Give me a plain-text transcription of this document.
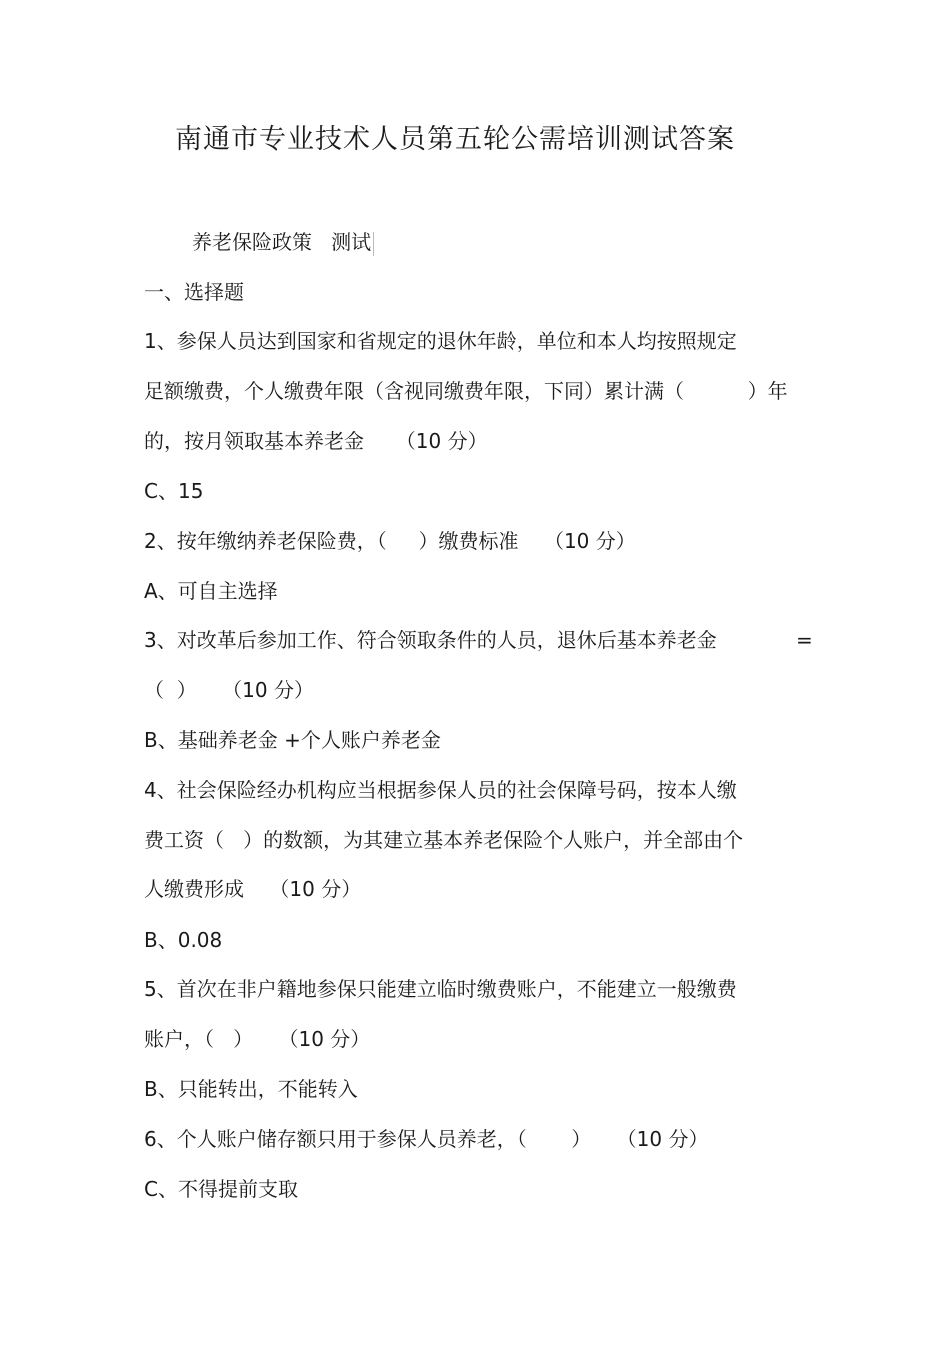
南通市专业技术人员第五轮公需培训测试答案
养老保险政策   测试
一、选择题
1、参保人员达到国家和省规定的退休年龄，单位和本人均按照规定
足额缴费，个人缴费年限（含视同缴费年限，下同）累计满（          ）年
的，按月领取基本养老金     （10 分）
C、15
2、按年缴纳养老保险费，（     ）缴费标准    （10 分）
A、可自主选择
3、对改革后参加工作、符合领取条件的人员，退休后基本养老金	=
（  ）    （10 分）
B、基础养老金 +个人账户养老金
4、社会保险经办机构应当根据参保人员的社会保障号码，按本人缴
费工资（   ）的数额，为其建立基本养老保险个人账户，并全部由个
人缴费形成    （10 分）
B、0.08
5、首次在非户籍地参保只能建立临时缴费账户，不能建立一般缴费
账户，（   ）    （10 分）
B、只能转出，不能转入
6、个人账户储存额只用于参保人员养老，（       ）    （10 分）
C、不得提前支取
